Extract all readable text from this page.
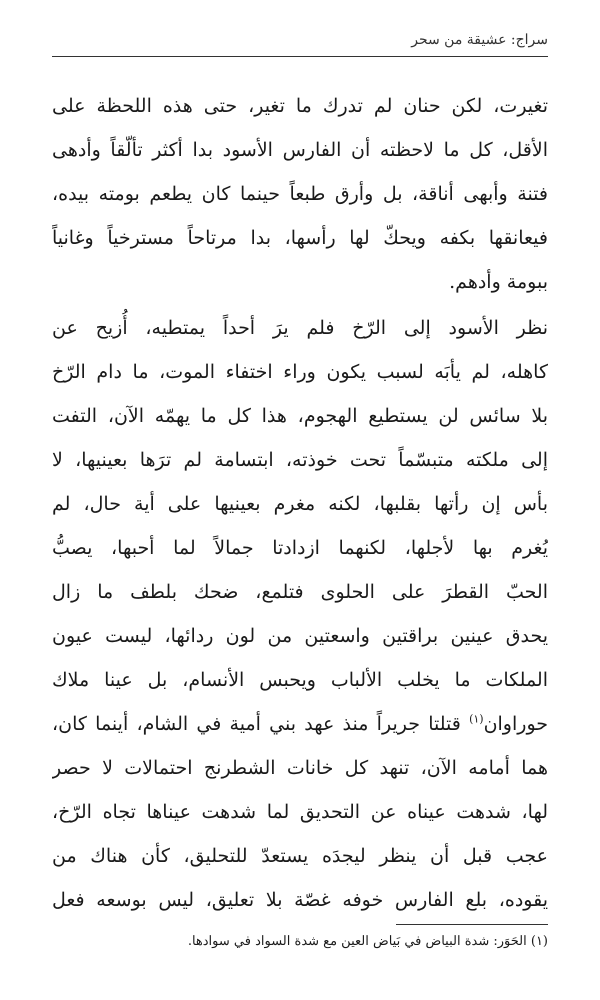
سراج: عشيقة من سحر
تغيرت، لكن حنان لم تدرك ما تغير، حتى هذه اللحظة على
الأقل، كل ما لاحظته أن الفارس الأسود بدا أكثر تألّقاً وأدهى
فتنة وأبهى أناقة، بل وأرق طبعاً حينما كان يطعم بومته بيده،
فيعانقها بكفه ويحكّ لها رأسها، بدا مرتاحاً مسترخياً وغانياً
ببومة وأدهم.
نظر الأسود إلى الرّخ فلم يرَ أحداً يمتطيه، أُزيح عن
كاهله، لم يأبَه لسبب يكون وراء اختفاء الموت، ما دام الرّخ
بلا سائس لن يستطيع الهجوم، هذا كل ما يهمّه الآن، التفت
إلى ملكته متبسّماً تحت خوذته، ابتسامة لم ترَها بعينيها، لا
بأس إن رأتها بقلبها، لكنه مغرم بعينيها على أية حال، لم
يُغرم بها لأجلها، لكنهما ازدادتا جمالاً لما أحبها، يصبُّ
الحبّ القطرَ على الحلوى فتلمع، ضحك بلطف ما زال
يحدق عينين براقتين واسعتين من لون ردائها، ليست عيون
الملكات ما يخلب الألباب ويحبس الأنسام، بل عينا ملاك
حوراوان$^{(١)}$ قتلتا جريراً منذ عهد بني أمية في الشام، أينما كان،
هما أمامه الآن، تنهد كل خانات الشطرنج احتمالات لا حصر
لها، شدهت عيناه عن التحديق لما شدهت عيناها تجاه الرّخ،
عجب قبل أن ينظر ليجدَه يستعدّ للتحليق، كأن هناك من
يقوده، بلع الفارس خوفه غصّة بلا تعليق، ليس بوسعه فعل
(١) الحَوَر: شدة البياض في بَياض العين مع شدة السواد في سوادها.
